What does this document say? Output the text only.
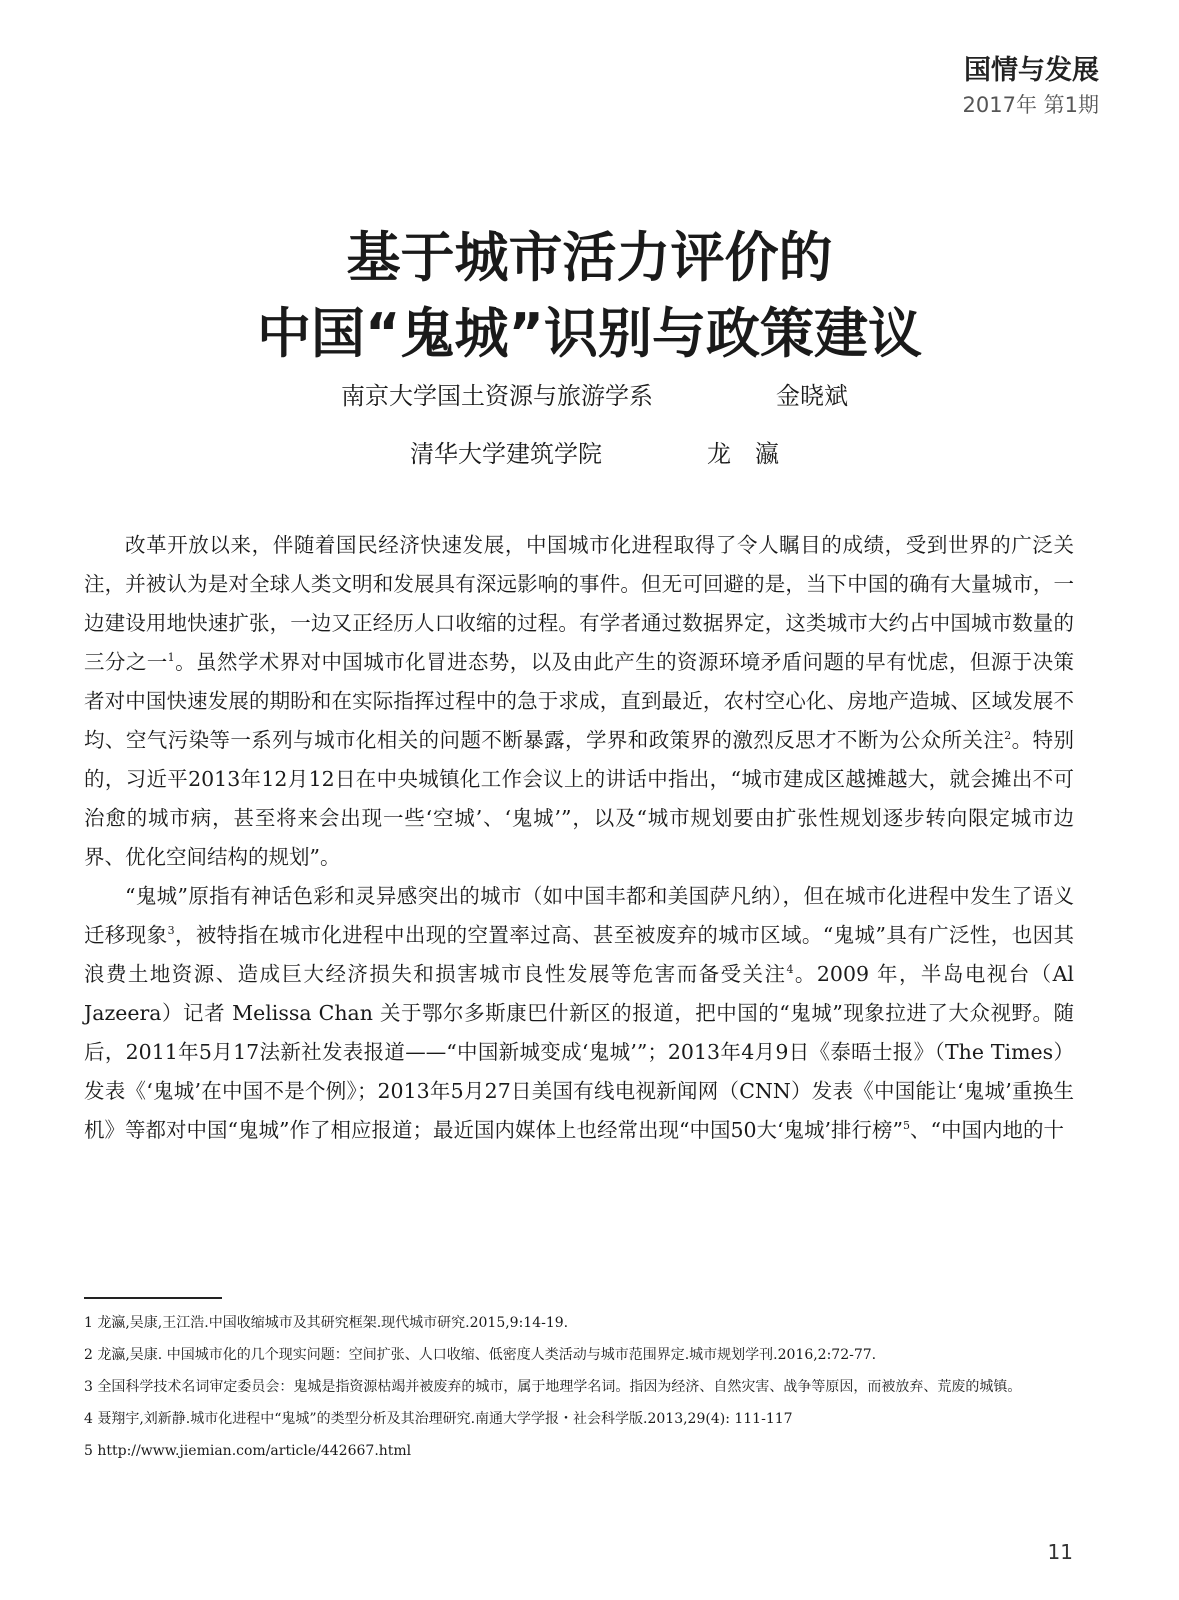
国情与发展
2017年 第1期
基于城市活力评价的
中国“鬼城”识别与政策建议
南京大学国土资源与旅游学系	金晓斌
清华大学建筑学院	龙　瀛

改革开放以来，伴随着国民经济快速发展，中国城市化进程取得了令人瞩目的成绩，受到世界的广泛关注，并被认为是对全球人类文明和发展具有深远影响的事件。但无可回避的是，当下中国的确有大量城市，一边建设用地快速扩张，一边又正经历人口收缩的过程。有学者通过数据界定，这类城市大约占中国城市数量的三分之一$^1$。虽然学术界对中国城市化冒进态势，以及由此产生的资源环境矛盾问题的早有忧虑，但源于决策者对中国快速发展的期盼和在实际指挥过程中的急于求成，直到最近，农村空心化、房地产造城、区域发展不均、空气污染等一系列与城市化相关的问题不断暴露，学界和政策界的激烈反思才不断为公众所关注$^2$。特别的，习近平2013年12月12日在中央城镇化工作会议上的讲话中指出，“城市建成区越摊越大，就会摊出不可治愈的城市病，甚至将来会出现一些‘空城’、‘鬼城’”，以及“城市规划要由扩张性规划逐步转向限定城市边界、优化空间结构的规划”。

“鬼城”原指有神话色彩和灵异感突出的城市（如中国丰都和美国萨凡纳），但在城市化进程中发生了语义迁移现象$^3$，被特指在城市化进程中出现的空置率过高、甚至被废弃的城市区域。“鬼城”具有广泛性，也因其浪费土地资源、造成巨大经济损失和损害城市良性发展等危害而备受关注$^4$。2009 年，半岛电视台（Al Jazeera）记者 Melissa Chan 关于鄂尔多斯康巴什新区的报道，把中国的“鬼城”现象拉进了大众视野。随后，2011年5月17法新社发表报道——“中国新城变成‘鬼城’”；2013年4月9日《泰晤士报》（The Times）发表《‘鬼城’在中国不是个例》；2013年5月27日美国有线电视新闻网（CNN）发表《中国能让‘鬼城’重换生机》等都对中国“鬼城”作了相应报道；最近国内媒体上也经常出现“中国50大‘鬼城’排行榜”$^5$、“中国内地的十

1 龙瀛,吴康,王江浩.中国收缩城市及其研究框架.现代城市研究.2015,9:14-19.
2 龙瀛,吴康. 中国城市化的几个现实问题：空间扩张、人口收缩、低密度人类活动与城市范围界定.城市规划学刊.2016,2:72-77.
3 全国科学技术名词审定委员会：鬼城是指资源枯竭并被废弃的城市，属于地理学名词。指因为经济、自然灾害、战争等原因，而被放弃、荒废的城镇。
4 聂翔宇,刘新静.城市化进程中“鬼城”的类型分析及其治理研究.南通大学学报・社会科学版.2013,29(4): 111-117
5 http://www.jiemian.com/article/442667.html
11
